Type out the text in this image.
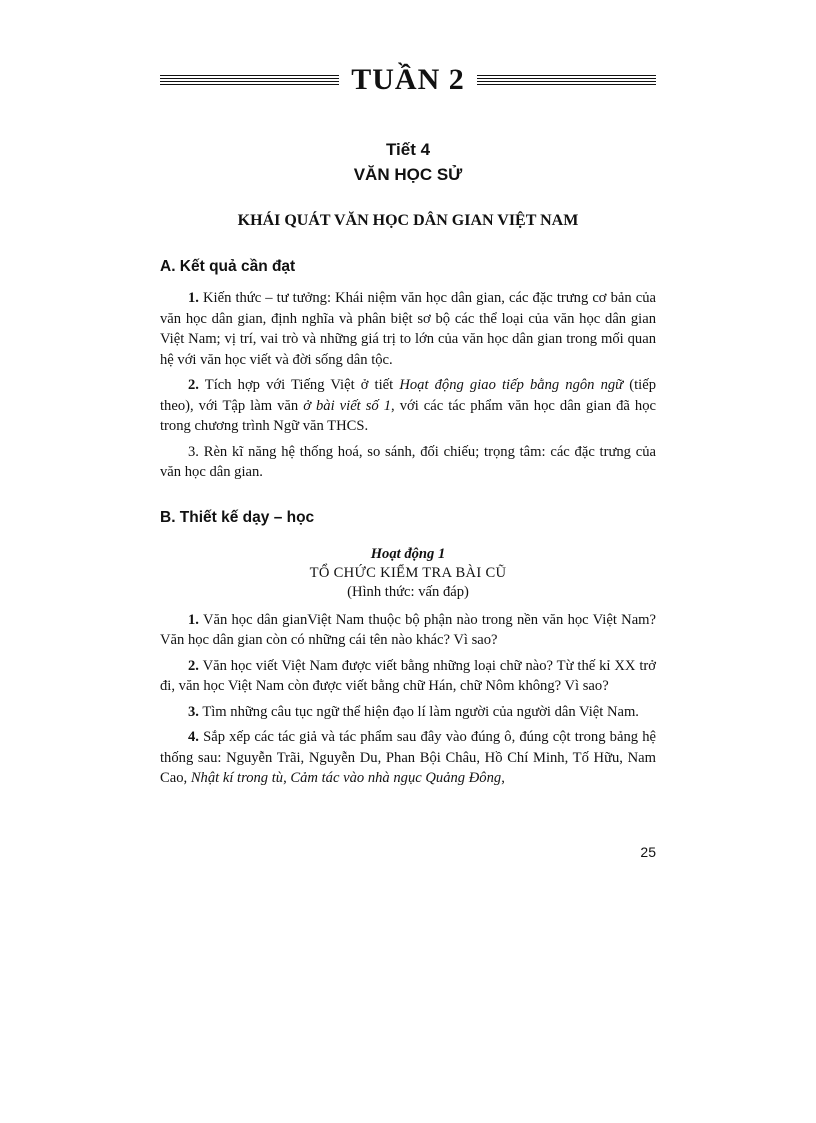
TUẦN 2
Tiết 4
VĂN HỌC SỬ
KHÁI QUÁT VĂN HỌC DÂN GIAN VIỆT NAM
A. Kết quả cần đạt

1. Kiến thức – tư tưởng: Khái niệm văn học dân gian, các đặc trưng cơ bản của văn học dân gian, định nghĩa và phân biệt sơ bộ các thể loại của văn học dân gian Việt Nam; vị trí, vai trò và những giá trị to lớn của văn học dân gian trong mối quan hệ với văn học viết và đời sống dân tộc.

2. Tích hợp với Tiếng Việt ở tiết Hoạt động giao tiếp bằng ngôn ngữ (tiếp theo), với Tập làm văn ở bài viết số 1, với các tác phẩm văn học dân gian đã học trong chương trình Ngữ văn THCS.

3. Rèn kĩ năng hệ thống hoá, so sánh, đối chiếu; trọng tâm: các đặc trưng của văn học dân gian.

B. Thiết kế dạy – học
Hoạt động 1
TỔ CHỨC KIỂM TRA BÀI CŨ
(Hình thức: vấn đáp)

1. Văn học dân gianViệt Nam thuộc bộ phận nào trong nền văn học Việt Nam? Văn học dân gian còn có những cái tên nào khác? Vì sao?

2. Văn học viết Việt Nam được viết bằng những loại chữ nào? Từ thế kỉ XX trở đi, văn học Việt Nam còn được viết bằng chữ Hán, chữ Nôm không? Vì sao?

3. Tìm những câu tục ngữ thể hiện đạo lí làm người của người dân Việt Nam.

4. Sắp xếp các tác giả và tác phẩm sau đây vào đúng ô, đúng cột trong bảng hệ thống sau: Nguyễn Trãi, Nguyễn Du, Phan Bội Châu, Hồ Chí Minh, Tố Hữu, Nam Cao, Nhật kí trong tù, Cảm tác vào nhà ngục Quảng Đông,

25
